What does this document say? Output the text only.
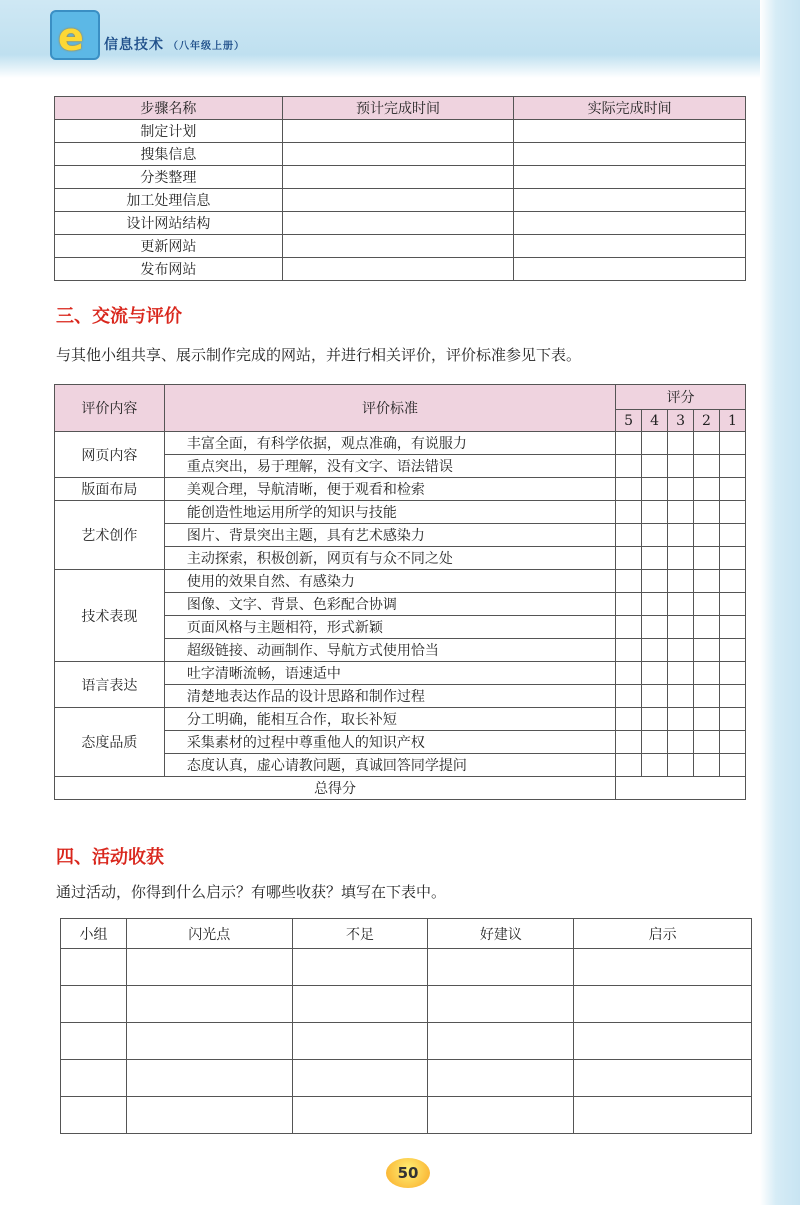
e 信息技术 （八年级上册）
步骤名称	预计完成时间	实际完成时间
制定计划		
搜集信息		
分类整理		
加工处理信息		
设计网站结构		
更新网站		
发布网站		
三、交流与评价
与其他小组共享、展示制作完成的网站，并进行相关评价，评价标准参见下表。
评价内容	评价标准	评分				
		5	4	3	2	1
网页内容	丰富全面，有科学依据，观点准确，有说服力					
	重点突出，易于理解，没有文字、语法错误					
版面布局	美观合理，导航清晰，便于观看和检索					
艺术创作	能创造性地运用所学的知识与技能					
	图片、背景突出主题，具有艺术感染力					
	主动探索，积极创新，网页有与众不同之处					
技术表现	使用的效果自然、有感染力					
	图像、文字、背景、色彩配合协调					
	页面风格与主题相符，形式新颖					
	超级链接、动画制作、导航方式使用恰当					
语言表达	吐字清晰流畅，语速适中					
	清楚地表达作品的设计思路和制作过程					
态度品质	分工明确，能相互合作，取长补短					
	采集素材的过程中尊重他人的知识产权					
	态度认真，虚心请教问题，真诚回答同学提问					
总得分						
四、活动收获
通过活动，你得到什么启示？有哪些收获？填写在下表中。
小组	闪光点	不足	好建议	启示

50
